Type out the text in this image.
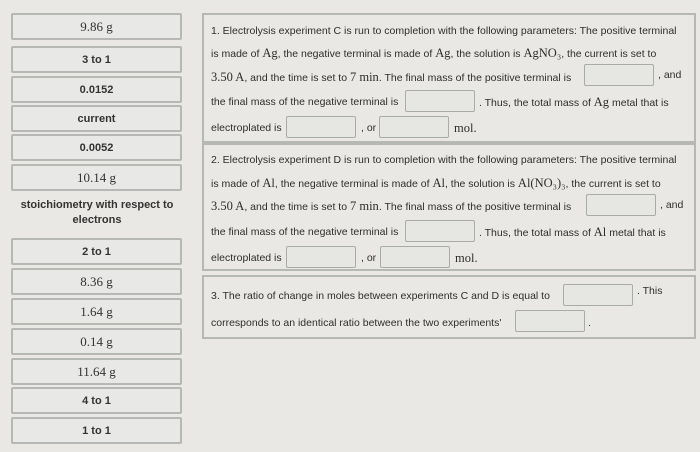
9.86 g
3 to 1
0.0152
current
0.0052
10.14 g
stoichiometry with respect to electrons
2 to 1
8.36 g
1.64 g
0.14 g
11.64 g
4 to 1
1 to 1
1. Electrolysis experiment C is run to completion with the following parameters: The positive terminal
is made of Ag, the negative terminal is made of Ag, the solution is AgNO₃, the current is set to
3.50 A, and the time is set to 7 min. The final mass of the positive terminal is	, and
the final mass of the negative terminal is	. Thus, the total mass of Ag metal that is
electroplated is	, or	mol.
2. Electrolysis experiment D is run to completion with the following parameters: The positive terminal
is made of Al, the negative terminal is made of Al, the solution is Al(NO₃)₃, the current is set to
3.50 A, and the time is set to 7 min. The final mass of the positive terminal is	, and
the final mass of the negative terminal is	. Thus, the total mass of Al metal that is
electroplated is	, or	mol.
3. The ratio of change in moles between experiments C and D is equal to	. This
corresponds to an identical ratio between the two experiments'	.
